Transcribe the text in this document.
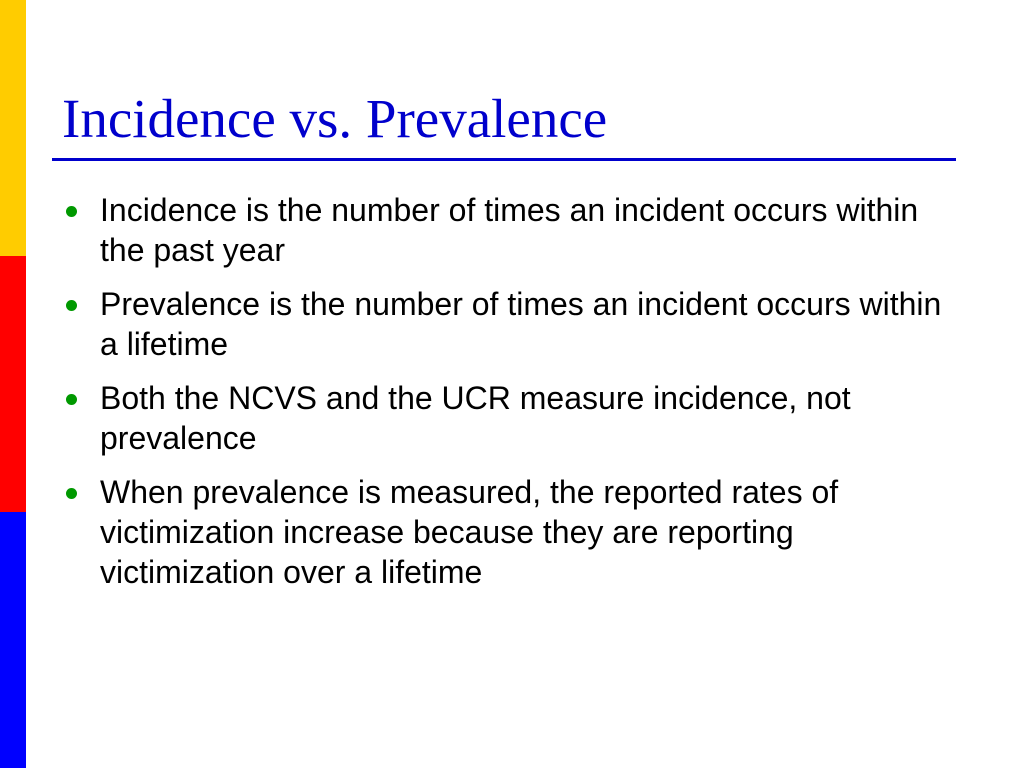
Incidence vs. Prevalence
Incidence is the number of times an incident occurs within the past year
Prevalence is the number of times an incident occurs within a lifetime
Both the NCVS and the UCR measure incidence, not prevalence
When prevalence is measured, the reported rates of victimization increase because they are reporting victimization over a lifetime
